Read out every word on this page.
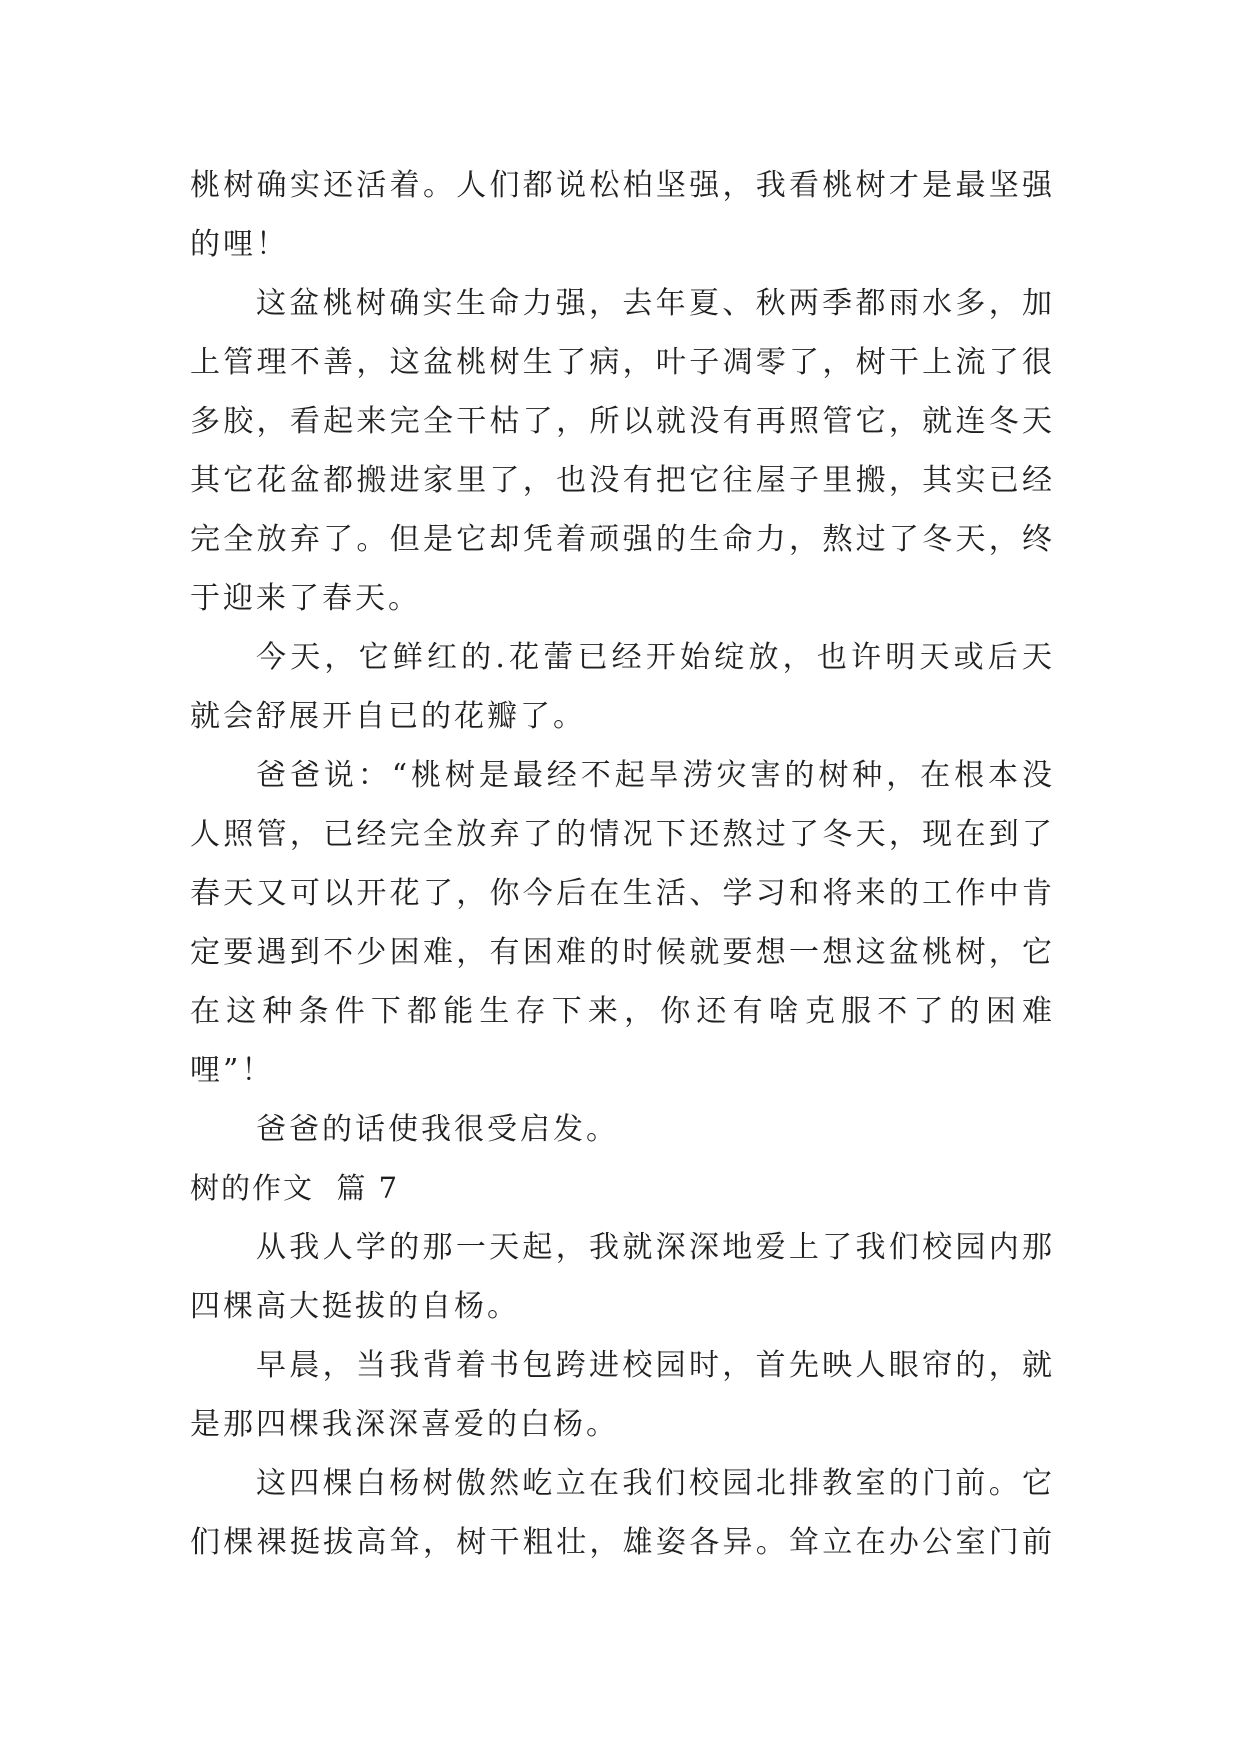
桃树确实还活着。人们都说松柏坚强，我看桃树才是最坚强
的哩！
这盆桃树确实生命力强，去年夏、秋两季都雨水多，加
上管理不善，这盆桃树生了病，叶子凋零了，树干上流了很
多胶，看起来完全干枯了，所以就没有再照管它，就连冬天
其它花盆都搬进家里了，也没有把它往屋子里搬，其实已经
完全放弃了。但是它却凭着顽强的生命力，熬过了冬天，终
于迎来了春天。
今天，它鲜红的.花蕾已经开始绽放，也许明天或后天
就会舒展开自已的花瓣了。
爸爸说：“桃树是最经不起旱涝灾害的树种，在根本没
人照管，已经完全放弃了的情况下还熬过了冬天，现在到了
春天又可以开花了，你今后在生活、学习和将来的工作中肯
定要遇到不少困难，有困难的时候就要想一想这盆桃树，它
在这种条件下都能生存下来，你还有啥克服不了的困难
哩”！
爸爸的话使我很受启发。
树的作文  篇 7
从我人学的那一天起，我就深深地爱上了我们校园内那
四棵高大挺拔的自杨。
早晨，当我背着书包跨进校园时，首先映人眼帘的，就
是那四棵我深深喜爱的白杨。
这四棵白杨树傲然屹立在我们校园北排教室的门前。它
们棵裸挺拔高耸，树干粗壮，雄姿各异。耸立在办公室门前
